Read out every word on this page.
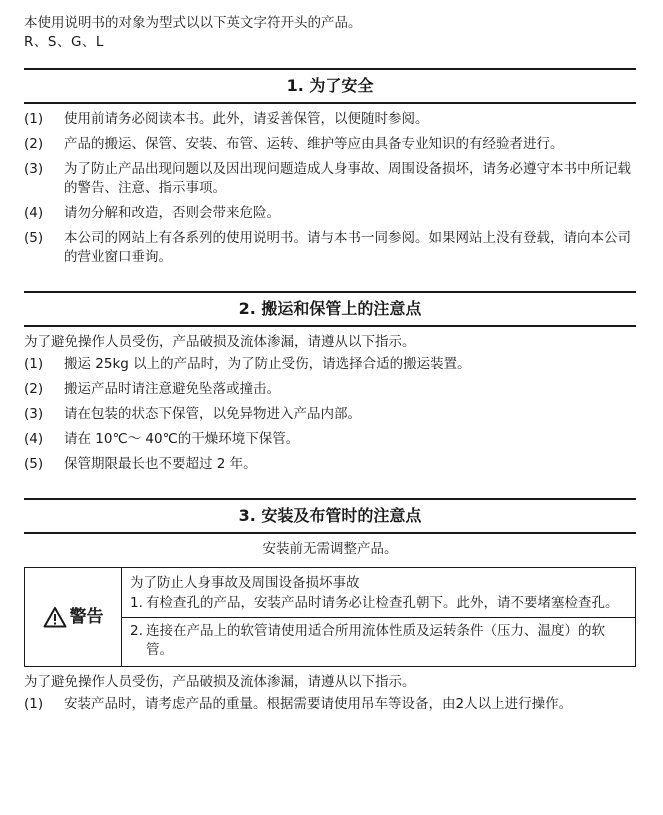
本使用说明书的对象为型式以以下英文字符开头的产品。

R、S、G、L

1. 为了安全
(1) 使用前请务必阅读本书。此外，请妥善保管，以便随时参阅。
(2) 产品的搬运、保管、安装、布管、运转、维护等应由具备专业知识的有经验者进行。
(3) 为了防止产品出现问题以及因出现问题造成人身事故、周围设备损坏，请务必遵守本书中所记载的警告、注意、指示事项。
(4) 请勿分解和改造，否则会带来危险。
(5) 本公司的网站上有各系列的使用说明书。请与本书一同参阅。如果网站上没有登载，请向本公司的营业窗口垂询。
2. 搬运和保管上的注意点

为了避免操作人员受伤，产品破损及流体渗漏，请遵从以下指示。

(1) 搬运 25kg 以上的产品时，为了防止受伤，请选择合适的搬运装置。
(2) 搬运产品时请注意避免坠落或撞击。
(3) 请在包装的状态下保管，以免异物进入产品内部。
(4) 请在 10℃～ 40℃的干燥环境下保管。
(5) 保管期限最长也不要超过 2 年。
3. 安装及布管时的注意点

安装前无需调整产品。

警告

为了防止人身事故及周围设备损坏事故

1. 有检查孔的产品，安装产品时请务必让检查孔朝下。此外，请不要堵塞检查孔。
2. 连接在产品上的软管请使用适合所用流体性质及运转条件（压力、温度）的软管。

为了避免操作人员受伤，产品破损及流体渗漏，请遵从以下指示。

(1) 安装产品时，请考虑产品的重量。根据需要请使用吊车等设备，由2人以上进行操作。
